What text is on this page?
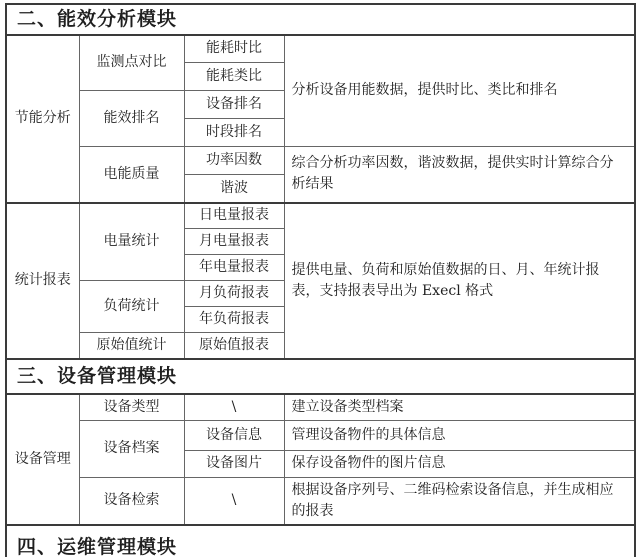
二、能效分析模块			
节能分析	监测点对比	能耗时比	分析设备用能数据，提供时比、类比和排名
		能耗类比	
	能效排名	设备排名	
		时段排名	
	电能质量	功率因数	综合分析功率因数，谐波数据，提供实时计算综合分析结果
		谐波	
统计报表	电量统计	日电量报表	提供电量、负荷和原始值数据的日、月、年统计报表，支持报表导出为 Execl 格式
		月电量报表	
		年电量报表	
	负荷统计	月负荷报表	
		年负荷报表	
	原始值统计	原始值报表	
三、设备管理模块			
设备管理	设备类型	\	建立设备类型档案
	设备档案	设备信息	管理设备物件的具体信息
		设备图片	保存设备物件的图片信息
	设备检索	\	根据设备序列号、二维码检索设备信息，并生成相应的报表
四、运维管理模块			
